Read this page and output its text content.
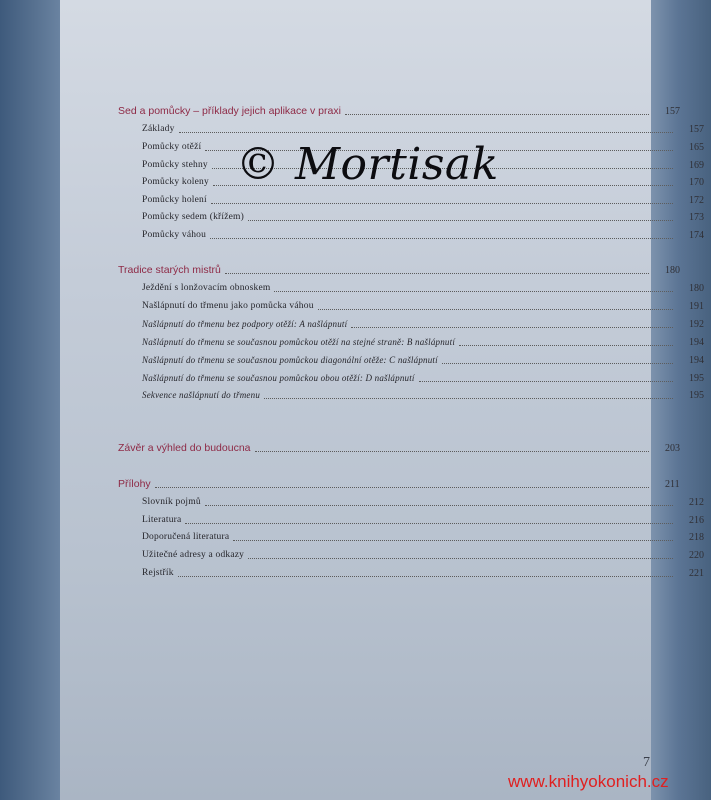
Sed a pomůcky – příklady jejich aplikace v praxi	157
Základy	157
Pomůcky otěží	165
Pomůcky stehny	169
Pomůcky koleny	170
Pomůcky holení	172
Pomůcky sedem (křížem)	173
Pomůcky váhou	174
Tradice starých mistrů	180
Ježdění s lonžovacím obnoskem	180
Našlápnutí do třmenu jako pomůcka váhou	191
Našlápnutí do třmenu bez podpory otěží: A našlápnutí	192
Našlápnutí do třmenu se současnou pomůckou otěží na stejné straně: B našlápnutí	194
Našlápnutí do třmenu se současnou pomůckou diagonální otěže: C našlápnutí	194
Našlápnutí do třmenu se současnou pomůckou obou otěží: D našlápnutí	195
Sekvence našlápnutí do třmenu	195
Závěr a výhled do budoucna	203
Přílohy	211
Slovník pojmů	212
Literatura	216
Doporučená literatura	218
Užitečné adresy a odkazy	220
Rejstřík	221
© Mortisak
7
www.knihyokonich.cz
